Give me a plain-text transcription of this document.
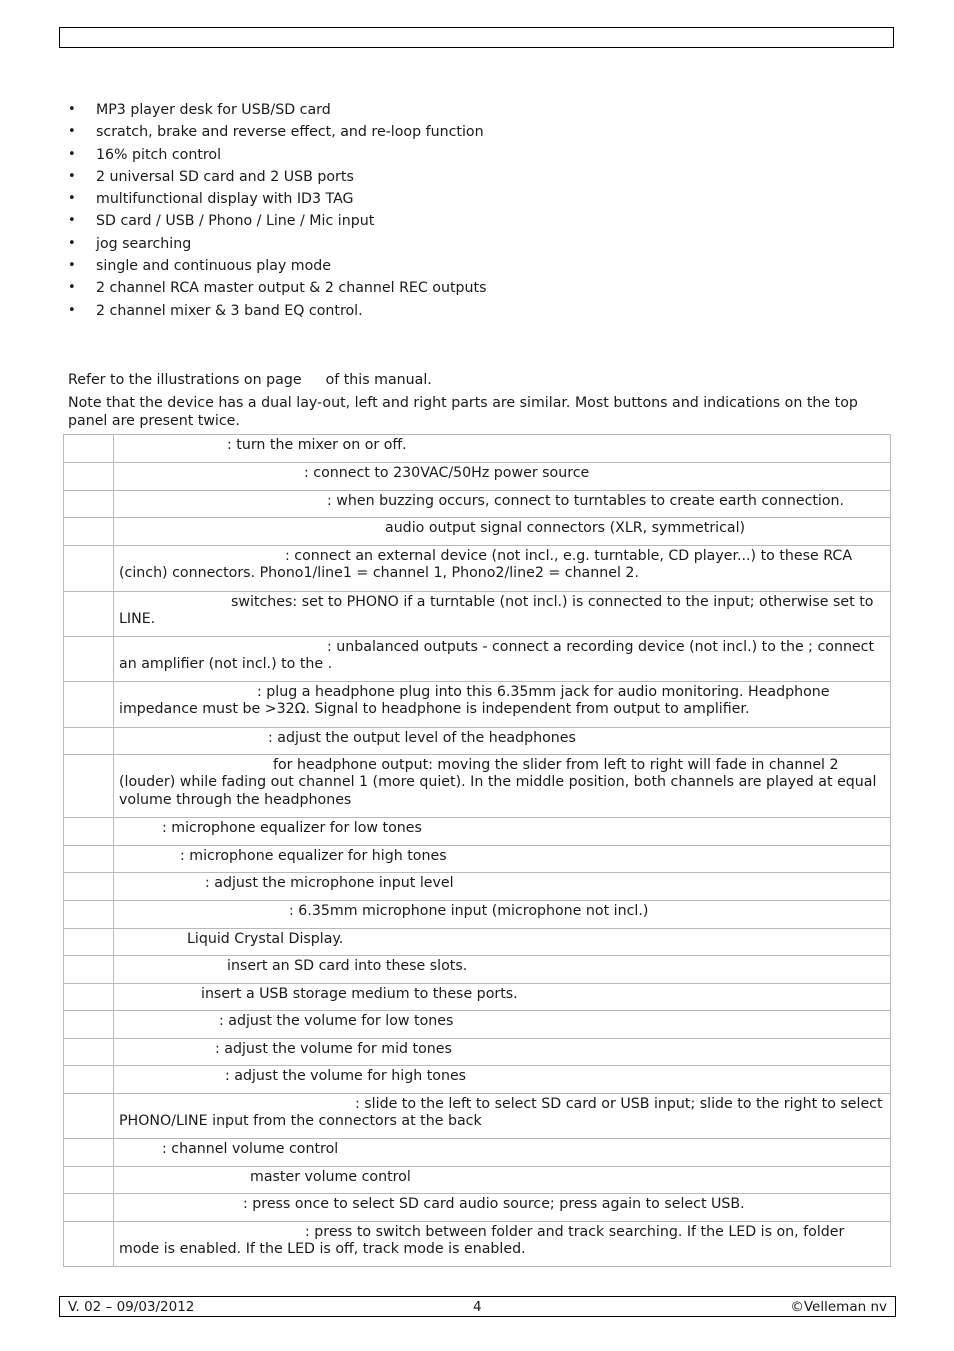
• MP3 player desk for USB/SD card
• scratch, brake and reverse effect, and re-loop function
• 16% pitch control
• 2 universal SD card and 2 USB ports
• multifunctional display with ID3 TAG
• SD card / USB / Phono / Line / Mic input
• jog searching
• single and continuous play mode
• 2 channel RCA master output & 2 channel REC outputs
• 2 channel mixer & 3 band EQ control.
Refer to the illustrations on page of this manual.
Note that the device has a dual lay-out, left and right parts are similar. Most buttons and indications on the top panel are present twice.
	: turn the mixer on or off.
	: connect to 230VAC/50Hz power source
	: when buzzing occurs, connect to turntables to create earth connection.
	audio output signal connectors (XLR, symmetrical)
	: connect an external device (not incl., e.g. turntable, CD player...) to these RCA (cinch) connectors. Phono1/line1 = channel 1, Phono2/line2 = channel 2.
	switches: set to PHONO if a turntable (not incl.) is connected to the input; otherwise set to LINE.
	: unbalanced outputs - connect a recording device (not incl.) to the ; connect an amplifier (not incl.) to the .
	: plug a headphone plug into this 6.35mm jack for audio monitoring. Headphone impedance must be >32Ω. Signal to headphone is independent from output to amplifier.
	: adjust the output level of the headphones
	for headphone output: moving the slider from left to right will fade in channel 2 (louder) while fading out channel 1 (more quiet). In the middle position, both channels are played at equal volume through the headphones
	: microphone equalizer for low tones
	: microphone equalizer for high tones
	: adjust the microphone input level
	: 6.35mm microphone input (microphone not incl.)
	Liquid Crystal Display.
	insert an SD card into these slots.
	insert a USB storage medium to these ports.
	: adjust the volume for low tones
	: adjust the volume for mid tones
	: adjust the volume for high tones
	: slide to the left to select SD card or USB input; slide to the right to select PHONO/LINE input from the connectors at the back
	: channel volume control
	master volume control
	: press once to select SD card audio source; press again to select USB.
	: press to switch between folder and track searching. If the LED is on, folder mode is enabled. If the LED is off, track mode is enabled.
V. 02 – 09/03/2012	4	©Velleman nv
